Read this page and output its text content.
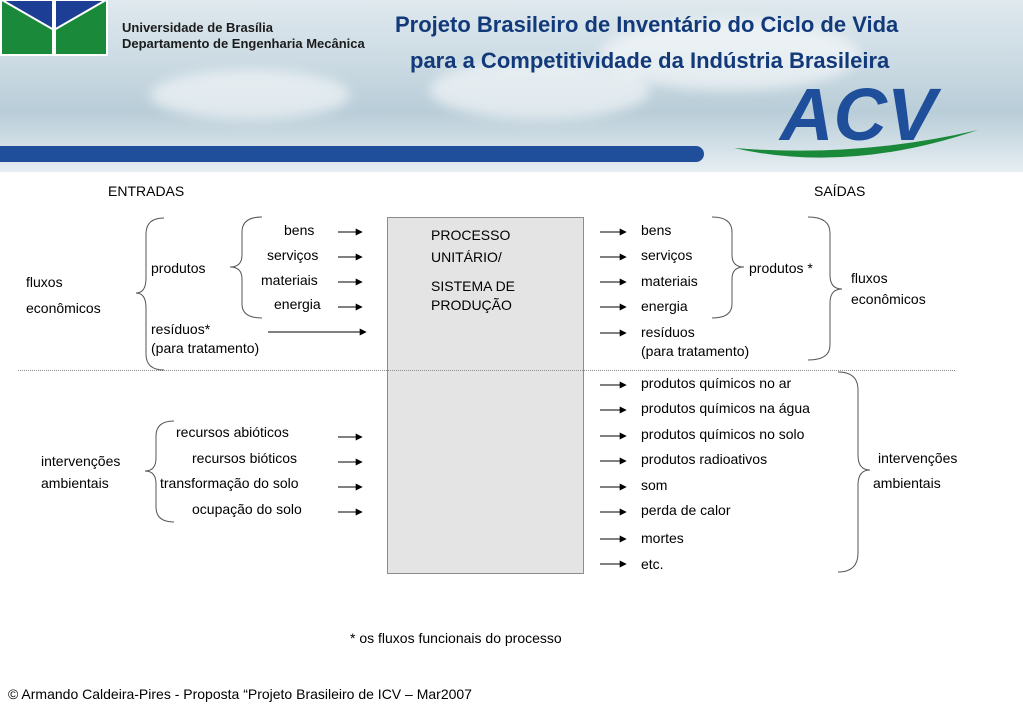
Universidade de Brasília
Departamento de Engenharia Mecânica
Projeto Brasileiro de Inventário do Ciclo de Vida
para a Competitividade da Indústria Brasileira
ACV
ENTRADAS	SAÍDAS
PROCESSO
UNITÁRIO/
SISTEMA DE
PRODUÇÃO
fluxos
econômicos
produtos
bens
serviços
materiais
energia
resíduos*
(para tratamento)
intervenções
ambientais
recursos abióticos
recursos bióticos
transformação do solo
ocupação do solo
bens
serviços
materiais
energia
resíduos
(para tratamento)
produtos *
fluxos
econômicos
produtos químicos no ar
produtos químicos na água
produtos químicos no solo
produtos radioativos
som
perda de calor
mortes
etc.
intervenções
ambientais
* os fluxos funcionais do processo
© Armando Caldeira-Pires - Proposta “Projeto Brasileiro de ICV – Mar2007
